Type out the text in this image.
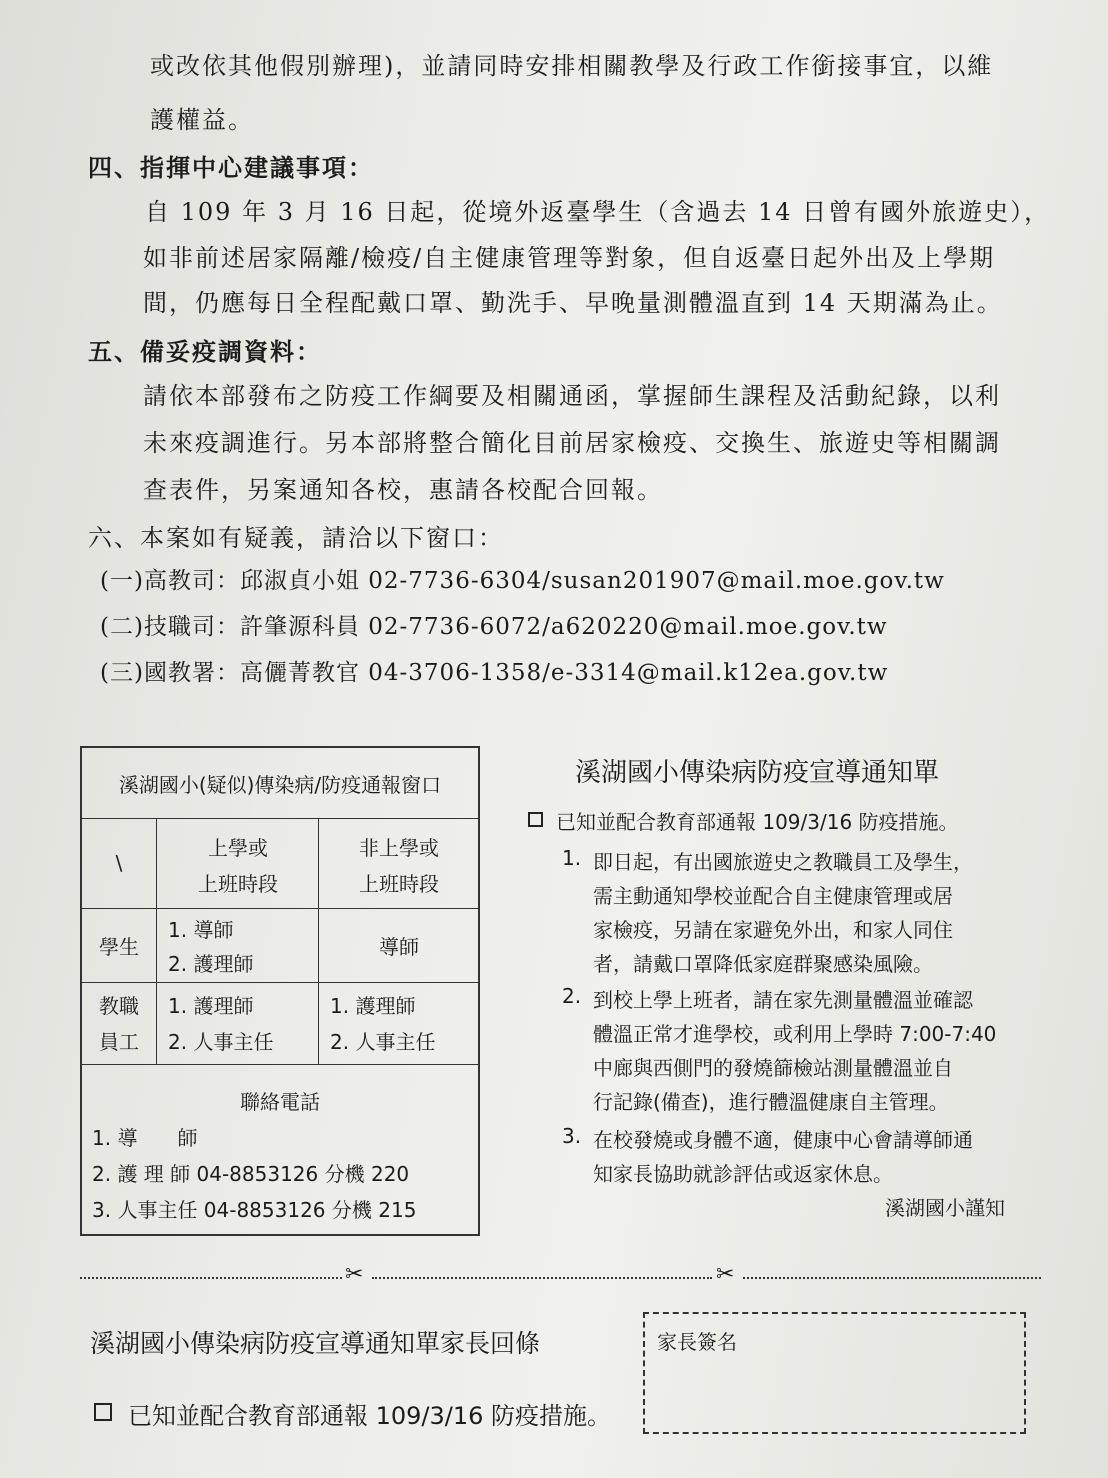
或改依其他假別辦理)，並請同時安排相關教學及行政工作銜接事宜，以維
護權益。
四、指揮中心建議事項：
自 109 年 3 月 16 日起，從境外返臺學生（含過去 14 日曾有國外旅遊史），
如非前述居家隔離/檢疫/自主健康管理等對象，但自返臺日起外出及上學期
間，仍應每日全程配戴口罩、勤洗手、早晚量測體溫直到 14 天期滿為止。
五、備妥疫調資料：
請依本部發布之防疫工作綱要及相關通函，掌握師生課程及活動紀錄，以利
未來疫調進行。另本部將整合簡化目前居家檢疫、交換生、旅遊史等相關調
查表件，另案通知各校，惠請各校配合回報。
六、本案如有疑義，請洽以下窗口：
(一)高教司：邱淑貞小姐 02-7736-6304/susan201907@mail.moe.gov.tw
(二)技職司：許肇源科員 02-7736-6072/a620220@mail.moe.gov.tw
(三)國教署：高儷菁教官 04-3706-1358/e-3314@mail.k12ea.gov.tw
溪湖國小(疑似)傳染病/防疫通報窗口
\
上學或
上班時段
非上學或
上班時段
學生
1. 導師
2. 護理師
導師
教職
員工
1. 護理師
2. 人事主任
1. 護理師
2. 人事主任
聯絡電話
1. 導　　師
2. 護 理 師 04-8853126 分機 220
3. 人事主任 04-8853126 分機 215
溪湖國小傳染病防疫宣導通知單
已知並配合教育部通報 109/3/16 防疫措施。
1. 即日起，有出國旅遊史之教職員工及學生，
需主動通知學校並配合自主健康管理或居
家檢疫，另請在家避免外出，和家人同住
者，請戴口罩降低家庭群聚感染風險。
2. 到校上學上班者，請在家先測量體溫並確認
體溫正常才進學校，或利用上學時 7:00-7:40
中廊與西側門的發燒篩檢站測量體溫並自
行記錄(備查)，進行體溫健康自主管理。
3. 在校發燒或身體不適，健康中心會請導師通
知家長協助就診評估或返家休息。
溪湖國小謹知
✂	✂
溪湖國小傳染病防疫宣導通知單家長回條
已知並配合教育部通報 109/3/16 防疫措施。
家長簽名
